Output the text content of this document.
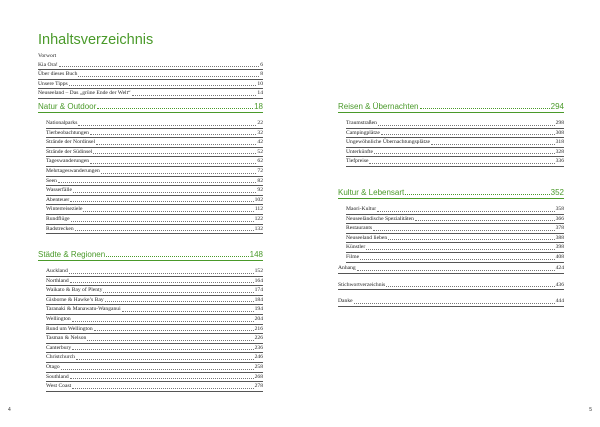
Inhaltsverzeichnis
Vorwort
Kia Ora!	6
Über dieses Buch	8
Unsere Tipps	10
Neuseeland – Das „grüne Ende der Welt“	14
Natur & Outdoor	18
Nationalparks	22
Tierbeobachtungen	32
Strände der Nordinsel	42
Strände der Südinsel	52
Tageswanderungen	62
Mehrtageswanderungen	72
Seen	82
Wasserfälle	92
Abenteuer	102
Winterreiseziele	112
Rundflüge	122
Radstrecken	132
Städte & Regionen	148
Auckland	152
Northland	164
Waikato & Bay of Plenty	174
Gisborne & Hawke’s Bay	184
Taranaki & Manawatu-Wanganui	194
Wellington	204
Rund um Wellington	216
Tasman & Nelson	226
Canterbury	236
Christchurch	246
Otago	258
Southland	268
West Coast	278
4
Reisen & Übernachten	294
Traumstraßen	298
Campingplätze	308
Ungewöhnliche Übernachtungsplätze	318
Unterkünfte	328
Tiefpreise	336
Kultur & Lebensart	352
Maori-Kultur	358
Neuseeländische Spezialitäten	366
Restaurants	378
Neuseeland lieben	388
Künstler	398
Filme	408
Anhang	424
Stichwortverzeichnis	436
Danke	444
5
